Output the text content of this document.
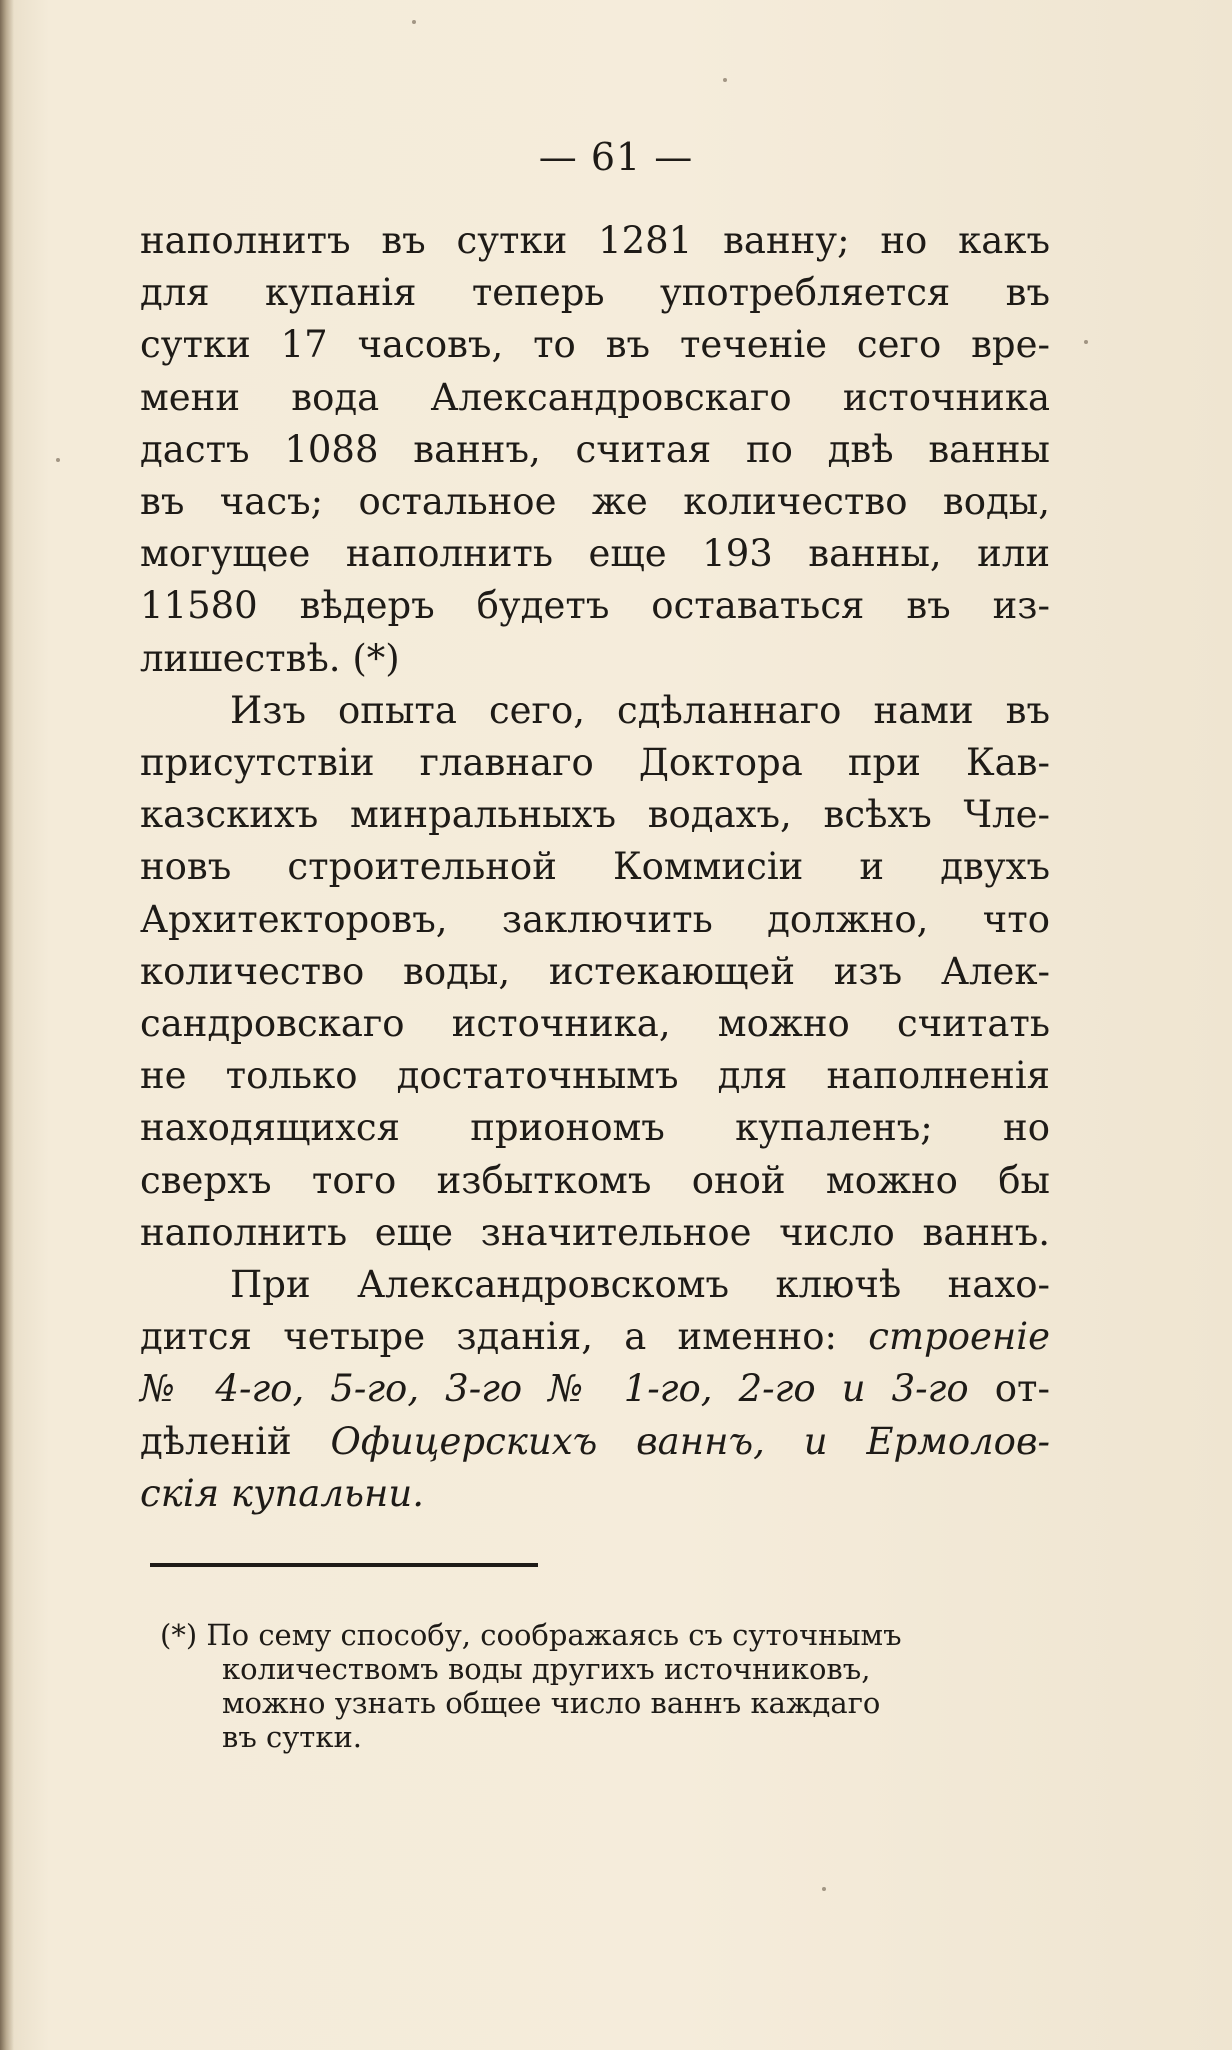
— 61 —
наполнитъ въ сутки 1281 ванну; но какъ
для купанія теперь употребляется въ
сутки 17 часовъ, то въ теченіе сего вре-
мени вода Александровскаго источника
дастъ 1088 ваннъ, считая по двѣ ванны
въ часъ; остальное же количество воды,
могущее наполнить еще 193 ванны, или
11580 вѣдеръ будетъ оставаться въ из-
лишествѣ. (*)
Изъ опыта сего, сдѣланнаго нами въ
присутствіи главнаго Доктора при Кав-
казскихъ минральныхъ водахъ, всѣхъ Чле-
новъ строительной Коммисіи и двухъ
Архитекторовъ, заключить должно, что
количество воды, истекающей изъ Алек-
сандровскаго источника, можно считать
не только достаточнымъ для наполненія
находящихся приономъ купаленъ; но
сверхъ того избыткомъ оной можно бы
наполнить еще значительное число ваннъ.
При Александровскомъ ключѣ нахо-
дится четыре зданія, а именно: строеніе
№ 4-го, 5-го, 3-го № 1-го, 2-го и 3-го от-
дѣленій Офицерскихъ ваннъ, и Ермолов-
скія купальни.
(*) По сему способу, соображаясь съ суточнымъ
количествомъ воды другихъ источниковъ,
можно узнать общее число ваннъ каждаго
въ сутки.
